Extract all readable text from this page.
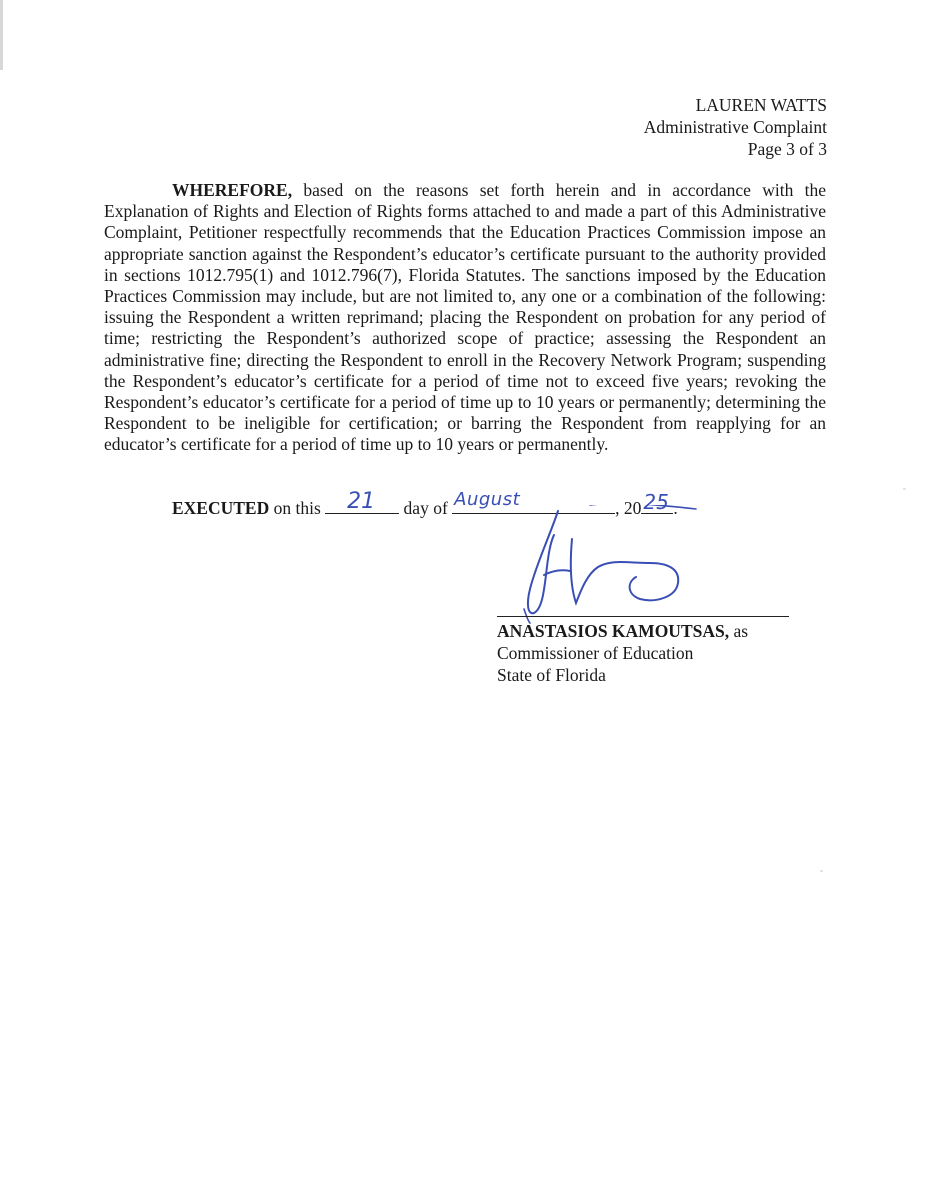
LAUREN WATTS
Administrative Complaint
Page 3 of 3
WHEREFORE, based on the reasons set forth herein and in accordance with the Explanation of Rights and Election of Rights forms attached to and made a part of this Administrative Complaint, Petitioner respectfully recommends that the Education Practices Commission impose an appropriate sanction against the Respondent’s educator’s certificate pursuant to the authority provided in sections 1012.795(1) and 1012.796(7), Florida Statutes. The sanctions imposed by the Education Practices Commission may include, but are not limited to, any one or a combination of the following: issuing the Respondent a written reprimand; placing the Respondent on probation for any period of time; restricting the Respondent’s authorized scope of practice; assessing the Respondent an administrative fine; directing the Respondent to enroll in the Recovery Network Program; suspending the Respondent’s educator’s certificate for a period of time not to exceed five years; revoking the Respondent’s educator’s certificate for a period of time up to 10 years or permanently; determining the Respondent to be ineligible for certification; or barring the Respondent from reapplying for an educator’s certificate for a period of time up to 10 years or permanently.
EXECUTED on this 21 day of August	, 20 25 .
ANASTASIOS KAMOUTSAS, as
Commissioner of Education
State of Florida
